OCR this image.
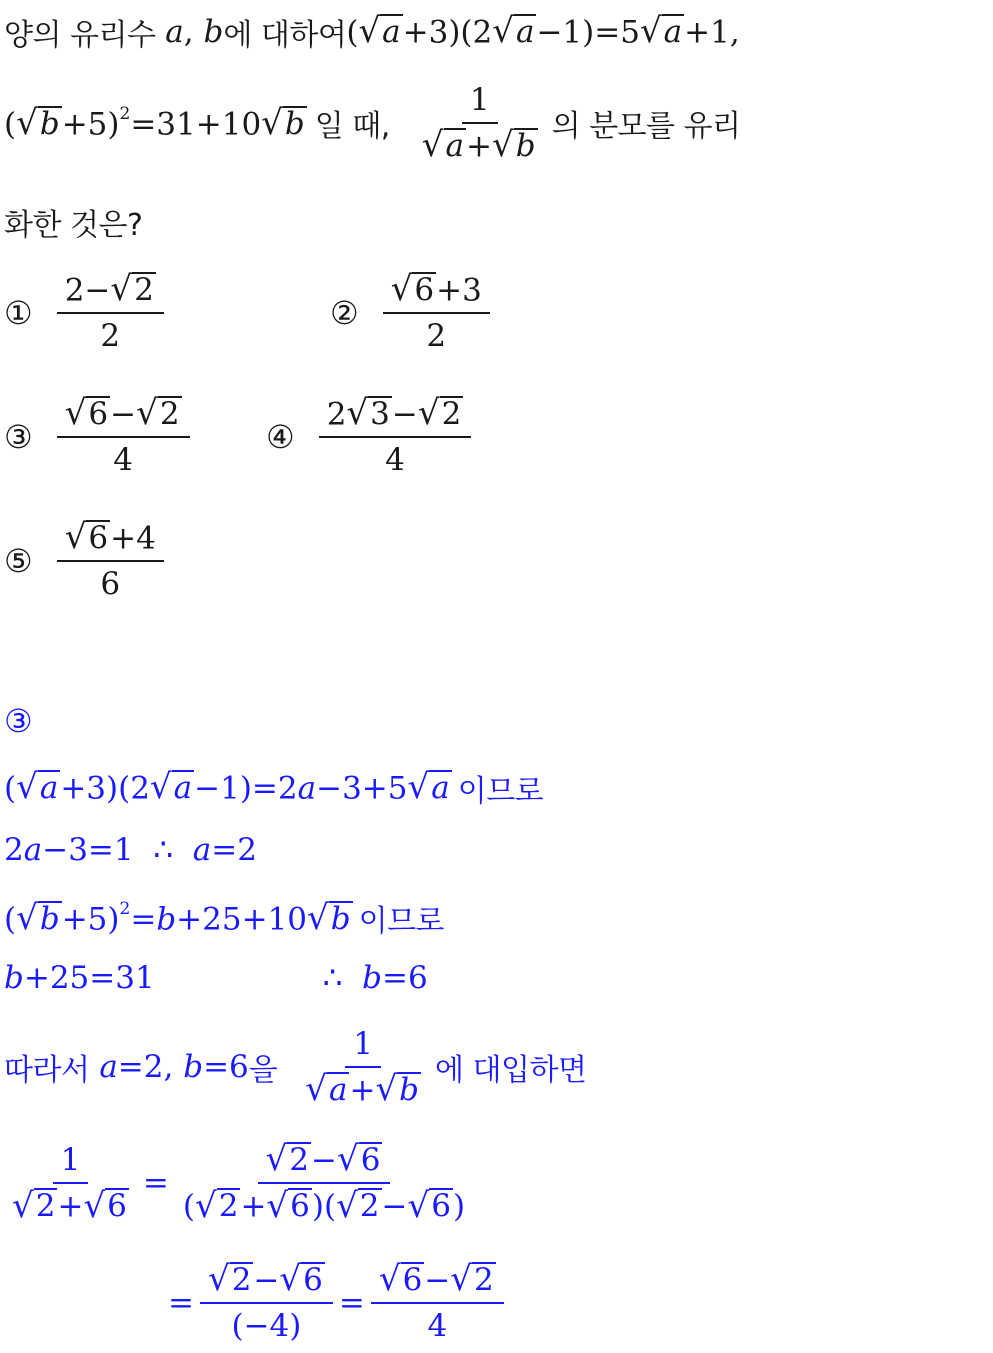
양의 유리수 a, b 에 대하여 ( √ a +3)(2 √ a −1)=5 √ a +1,
( √ b +5)$^2$=31+10 √ b 일 때, $\frac{1}{√ a + √ b}$ 의 분모를 유리
화한 것은?
① $\frac{2- √ 2}{2}$	② $\frac{√ 6 +3}{2}$
③ $\frac{√ 6 - √ 2}{4}$ ④ $\frac{2 √ 3 - √ 2}{4}$
⑤ $\frac{√ 6 +4}{6}$
③
( √ a +3)(2 √ a −1)=2a−3+5 √ a 이므로
2a−3=1  ∴  a=2
( √ b +5)$^2$=b+25+10 √ b 이므로
b+25=31	∴  b=6
따라서 a=2, b=6 을 $\frac{1}{√ a + √ b}$ 에 대입하면
$\frac{1}{√ 2 + √ 6} = \frac{√ 2 - √ 6}{( √ 2 + √ 6 )( √ 2 - √ 6 )}$
= $\frac{√ 2 - √ 6}{(-4)} = \frac{√ 6 - √ 2}{4}$
